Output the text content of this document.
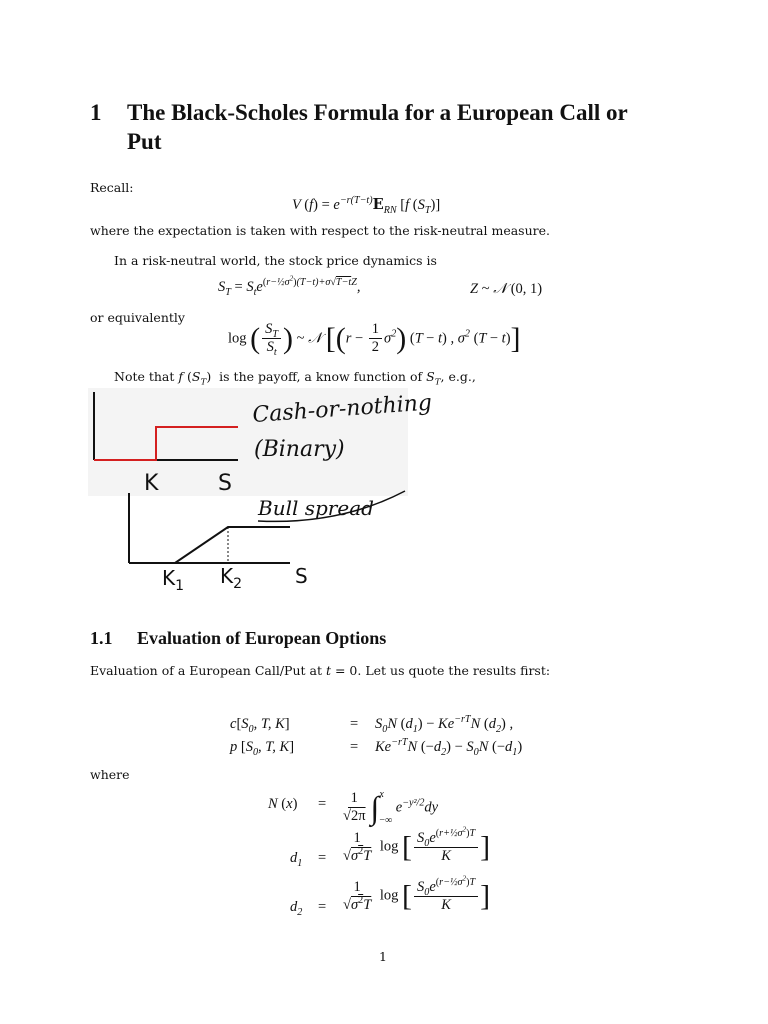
1 The Black-Scholes Formula for a European Call or
Put
Recall:
V $(f) = e^{-r(T-t)}E_{RN}$ [f $(S_T)$]
where the expectation is taken with respect to the risk-neutral measure.
In a risk-neutral world, the stock price dynamics is
$S_T = S_te^{(r-\frac{1}{2}\sigma^2)(T-t)+\sigma√T-tZ}$,	Z ~ 𝒩 (0, 1)
or equivalently
log ( $\frac{S_T}{S_t}$ ) ~ 𝒩 [$(r - \frac{1}{2} \sigma^2)$ (T − t) , $\sigma^2$ (T − t)]
Note that f $(S_T)$  is the payoff, a know function of $S_T$, e.g.,
Cash-or-nothing
(Binary)
K	S
Bull spread
$K_1$ $K_2$	S
1.1 Evaluation of European Options
Evaluation of a European Call/Put at t = 0. Let us quote the results first:
$c[S_0$, T, K]	= $S_0N$ $(d_1) - Ke^{-rT}N$ $(d_2)$ ,
p [$S_0$, T, K]	= $Ke^{-rT}N$ $(-d_2) - S_0N$ $(-d_1)$
where
N $(x) = \frac{1}{√2\pi}$ ∫ x
−∞
$e^{-y^2/2}dy$
$d_1 = \frac{1}{√\sigma^2T}$ log [ $\frac{S_0e^{(r+\frac{1}{2}\sigma^2)T}}{K}$ ]
$d_2 = \frac{1}{√\sigma^2T}$ log [ $\frac{S_0e^{(r-\frac{1}{2}\sigma^2)T}}{K}$ ]
1
